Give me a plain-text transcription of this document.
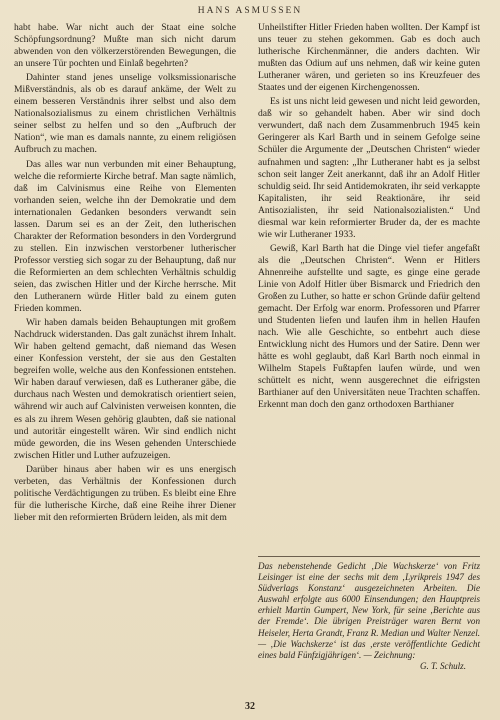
HANS ASMUSSEN

habt habe. War nicht auch der Staat eine solche Schöpfungsordnung? Mußte man sich nicht darum abwenden von den völkerzerstörenden Bewegungen, die an unsere Tür pochten und Einlaß begehrten?

Dahinter stand jenes unselige volksmissionarische Mißverständnis, als ob es darauf ankäme, der Welt zu einem besseren Verständnis ihrer selbst und also dem Nationalsozialismus zu einem christlichen Verhältnis seiner selbst zu helfen und so den „Aufbruch der Nation“, wie man es damals nannte, zu einem religiösen Aufbruch zu machen.

Das alles war nun verbunden mit einer Behauptung, welche die reformierte Kirche betraf. Man sagte nämlich, daß im Calvinismus eine Reihe von Elementen vorhanden seien, welche ihn der Demokratie und dem internationalen Gedanken besonders verwandt sein lassen. Darum sei es an der Zeit, den lutherischen Charakter der Reformation besonders in den Vordergrund zu stellen. Ein inzwischen verstorbener lutherischer Professor verstieg sich sogar zu der Behauptung, daß nur die Reformierten an dem schlechten Verhältnis schuldig seien, das zwischen Hitler und der Kirche herrsche. Mit den Lutheranern würde Hitler bald zu einem guten Frieden kommen.

Wir haben damals beiden Behauptungen mit großem Nachdruck widerstanden. Das galt zunächst ihrem Inhalt. Wir haben geltend gemacht, daß niemand das Wesen einer Konfession versteht, der sie aus den Gestalten begreifen wolle, welche aus den Konfessionen entstehen. Wir haben darauf verwiesen, daß es Lutheraner gäbe, die durchaus nach Westen und demokratisch orientiert seien, während wir auch auf Calvinisten verweisen konnten, die es als zu ihrem Wesen gehörig glaubten, daß sie national und autoritär eingestellt wären. Wir sind endlich nicht müde geworden, die ins Wesen gehenden Unterschiede zwischen Hitler und Luther aufzuzeigen.

Darüber hinaus aber haben wir es uns energisch verbeten, das Verhältnis der Konfessionen durch politische Verdächtigungen zu trüben. Es bleibt eine Ehre für die lutherische Kirche, daß eine Reihe ihrer Diener lieber mit den reformierten Brüdern leiden, als mit dem

Unheilstifter Hitler Frieden haben wollten. Der Kampf ist uns teuer zu stehen gekommen. Gab es doch auch lutherische Kirchenmänner, die anders dachten. Wir mußten das Odium auf uns nehmen, daß wir keine guten Lutheraner wären, und gerieten so ins Kreuzfeuer des Staates und der eigenen Kirchengenossen.

Es ist uns nicht leid gewesen und nicht leid geworden, daß wir so gehandelt haben. Aber wir sind doch verwundert, daß nach dem Zusammenbruch 1945 kein Geringerer als Karl Barth und in seinem Gefolge seine Schüler die Argumente der „Deutschen Christen“ wieder aufnahmen und sagten: „Ihr Lutheraner habt es ja selbst schon seit langer Zeit anerkannt, daß ihr an Adolf Hitler schuldig seid. Ihr seid Antidemokraten, ihr seid verkappte Kapitalisten, ihr seid Reaktionäre, ihr seid Antisozialisten, ihr seid Nationalsozialisten.“ Und diesmal war kein reformierter Bruder da, der es machte wie wir Lutheraner 1933.

Gewiß, Karl Barth hat die Dinge viel tiefer angefaßt als die „Deutschen Christen“. Wenn er Hitlers Ahnenreihe aufstellte und sagte, es ginge eine gerade Linie von Adolf Hitler über Bismarck und Friedrich den Großen zu Luther, so hatte er schon Gründe dafür geltend gemacht. Der Erfolg war enorm. Professoren und Pfarrer und Studenten liefen und laufen ihm in hellen Haufen nach. Wie alle Geschichte, so entbehrt auch diese Entwicklung nicht des Humors und der Satire. Denn wer hätte es wohl geglaubt, daß Karl Barth noch einmal in Wilhelm Stapels Fußtapfen laufen würde, und wen schüttelt es nicht, wenn ausgerechnet die eifrigsten Barthianer auf den Universitäten neue Trachten schaffen. Erkennt man doch den ganz orthodoxen Barthianer

Das nebenstehende Gedicht ‚Die Wachskerze‘ von Fritz Leisinger ist eine der sechs mit dem ‚Lyrikpreis 1947 des Südverlags Konstanz‘ ausgezeichneten Arbeiten. Die Auswahl erfolgte aus 6000 Einsendungen; den Hauptpreis erhielt Martin Gumpert, New York, für seine ‚Berichte aus der Fremde‘. Die übrigen Preisträger waren Bernt von Heiseler, Herta Grandt, Franz R. Median und Walter Nenzel. — ‚Die Wachskerze‘ ist das ‚erste veröffentlichte Gedicht eines bald Fünfzigjährigen‘. — Zeichnung:
G. T. Schulz.
32
